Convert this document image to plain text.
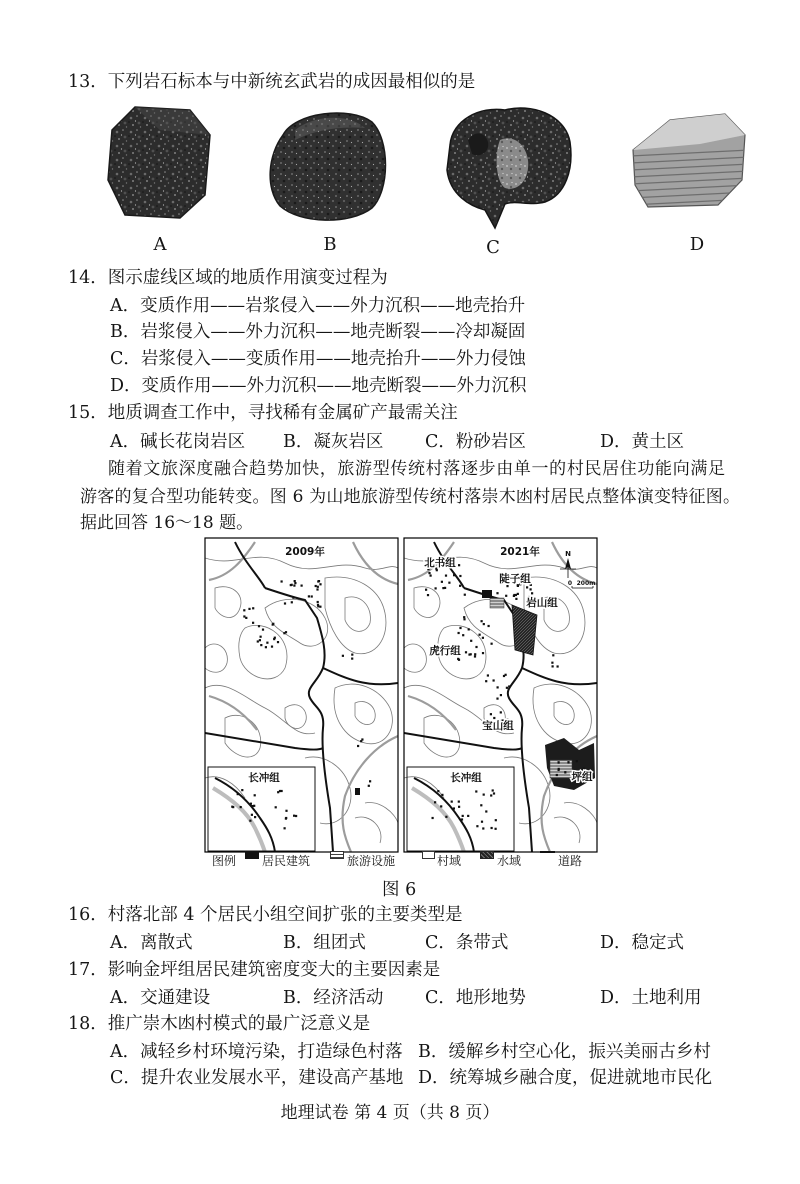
13．下列岩石标本与中新统玄武岩的成因最相似的是
A	B	C	D
14．图示虚线区域的地质作用演变过程为
A．变质作用——岩浆侵入——外力沉积——地壳抬升
B．岩浆侵入——外力沉积——地壳断裂——冷却凝固
C．岩浆侵入——变质作用——地壳抬升——外力侵蚀
D．变质作用——外力沉积——地壳断裂——外力沉积
15．地质调查工作中，寻找稀有金属矿产最需关注
A．碱长花岗岩区 B．凝灰岩区 C．粉砂岩区	D．黄土区
随着文旅深度融合趋势加快，旅游型传统村落逐步由单一的村民居住功能向满足
游客的复合型功能转变。图 6 为山地旅游型传统村落崇木凼村居民点整体演变特征图。
据此回答 16～18 题。
2009年
长冲组
N
0 200m
2021年
北书组
陡子组
岩山组
虎行组
宝山组
长冲组	坪组
图例 居民建筑	旅游设施	村域	水域	道路
图 6
16．村落北部 4 个居民小组空间扩张的主要类型是
A．离散式	B．组团式	C．条带式	D．稳定式
17．影响金坪组居民建筑密度变大的主要因素是
A．交通建设	B．经济活动 C．地形地势	D．土地利用
18．推广崇木凼村模式的最广泛意义是
A．减轻乡村环境污染，打造绿色村落 B．缓解乡村空心化，振兴美丽古乡村
C．提升农业发展水平，建设高产基地 D．统筹城乡融合度，促进就地市民化
地理试卷 第 4 页（共 8 页）
